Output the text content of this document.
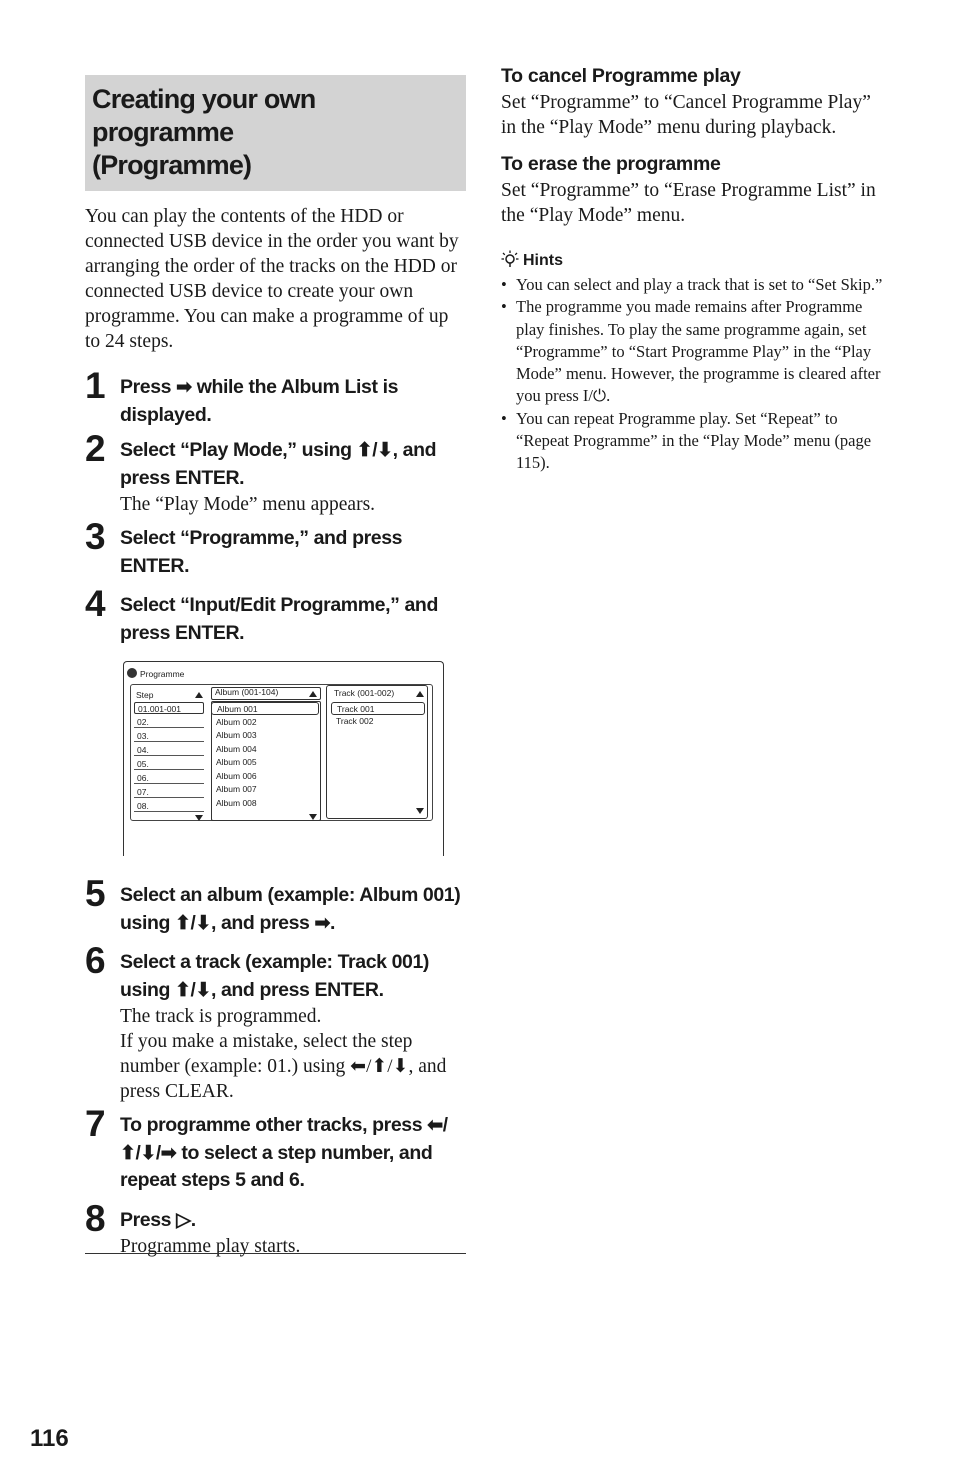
Creating your own programme
(Programme)
You can play the contents of the HDD or connected USB device in the order you want by arranging the order of the tracks on the HDD or connected USB device to create your own programme. You can make a programme of up to 24 steps.
1 Press ➡ while the Album List is displayed.
2 Select “Play Mode,” using ⬆/⬇, and press ENTER.
The “Play Mode” menu appears.
3 Select “Programme,” and press ENTER.
4 Select “Input/Edit Programme,” and press ENTER.
Programme
Step
01.001-001
02.
03.
04.
05.
06.
07.
08.
Album (001-104)
Album 001
Album 002
Album 003
Album 004
Album 005
Album 006
Album 007
Album 008
Track (001-002)
Track 001
Track 002
5 Select an album (example: Album 001) using ⬆/⬇, and press ➡.
6 Select a track (example: Track 001) using ⬆/⬇, and press ENTER.
The track is programmed.
If you make a mistake, select the step number (example: 01.) using ⬅/⬆/⬇, and press CLEAR.
7 To programme other tracks, press ⬅/⬆/⬇/➡ to select a step number, and repeat steps 5 and 6.
8 Press ▷.
Programme play starts.
To cancel Programme play
Set “Programme” to “Cancel Programme Play” in the “Play Mode” menu during playback.
To erase the programme
Set “Programme” to “Erase Programme List” in the “Play Mode” menu.
Hints
• You can select and play a track that is set to “Set Skip.”
• The programme you made remains after Programme play finishes. To play the same programme again, set “Programme” to “Start Programme Play” in the “Play Mode” menu. However, the programme is cleared after you press I/⏻.
• You can repeat Programme play. Set “Repeat” to “Repeat Programme” in the “Play Mode” menu (page 115).
116
